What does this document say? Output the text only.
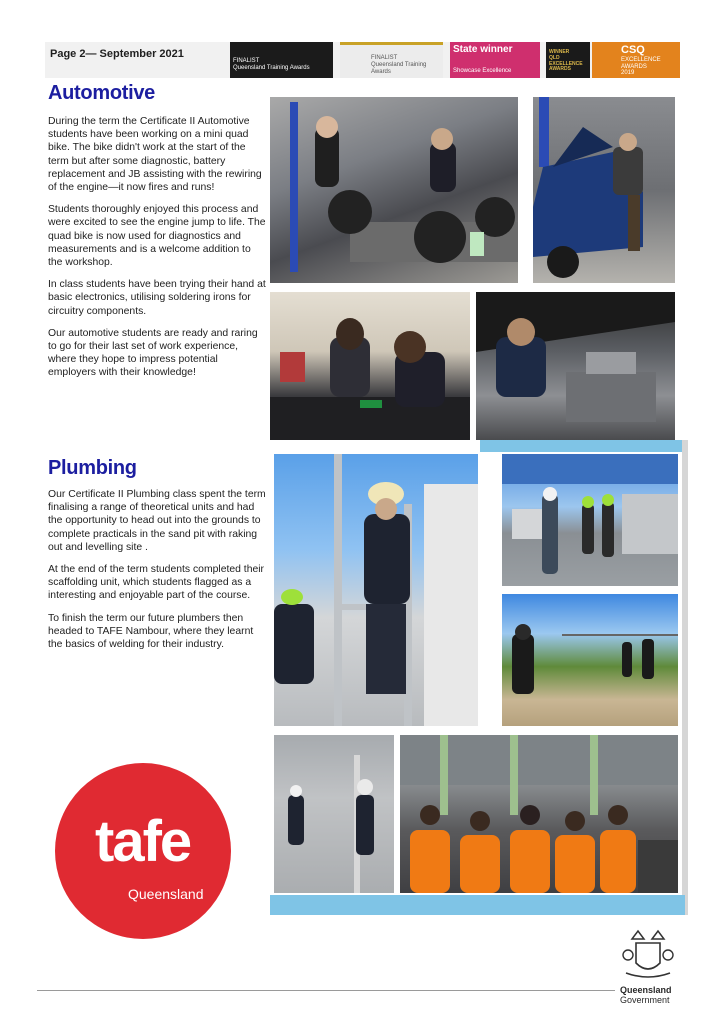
Page 2— September 2021
FINALIST
Queensland Training Awards
FINALIST
Queensland Training Awards
State winner
Showcase Excellence
WINNER
QLD EXCELLENCE AWARDS
CSQ
EXCELLENCE AWARDS
2019
Automotive

During the term the Certificate II Automotive students have been working on a mini quad bike. The bike didn't work at the start of the term but after some diagnostic, battery replacement and JB assisting with the rewiring of the engine—it now fires and runs!

Students thoroughly enjoyed this process and were excited to see the engine jump to life. The quad bike is now used for diagnostics and measurements and is a welcome addition to the workshop.

In class students have been trying their hand at basic electronics, utilising soldering irons for circuitry components.

Our automotive students are ready and raring to go for their last set of work experience, where they hope to impress potential employers with their knowledge!

Plumbing

Our Certificate II Plumbing class spent the term finalising a range of theoretical units and had the opportunity to head out into the grounds to complete practicals in the sand pit with raking out and levelling site .

At the end of the term students completed their scaffolding unit, which students flagged as a interesting and enjoyable part of the course.

To finish the term our future plumbers then headed to TAFE Nambour, where they learnt the basics of welding for their industry.

tafe
Queensland
Queensland
Government
